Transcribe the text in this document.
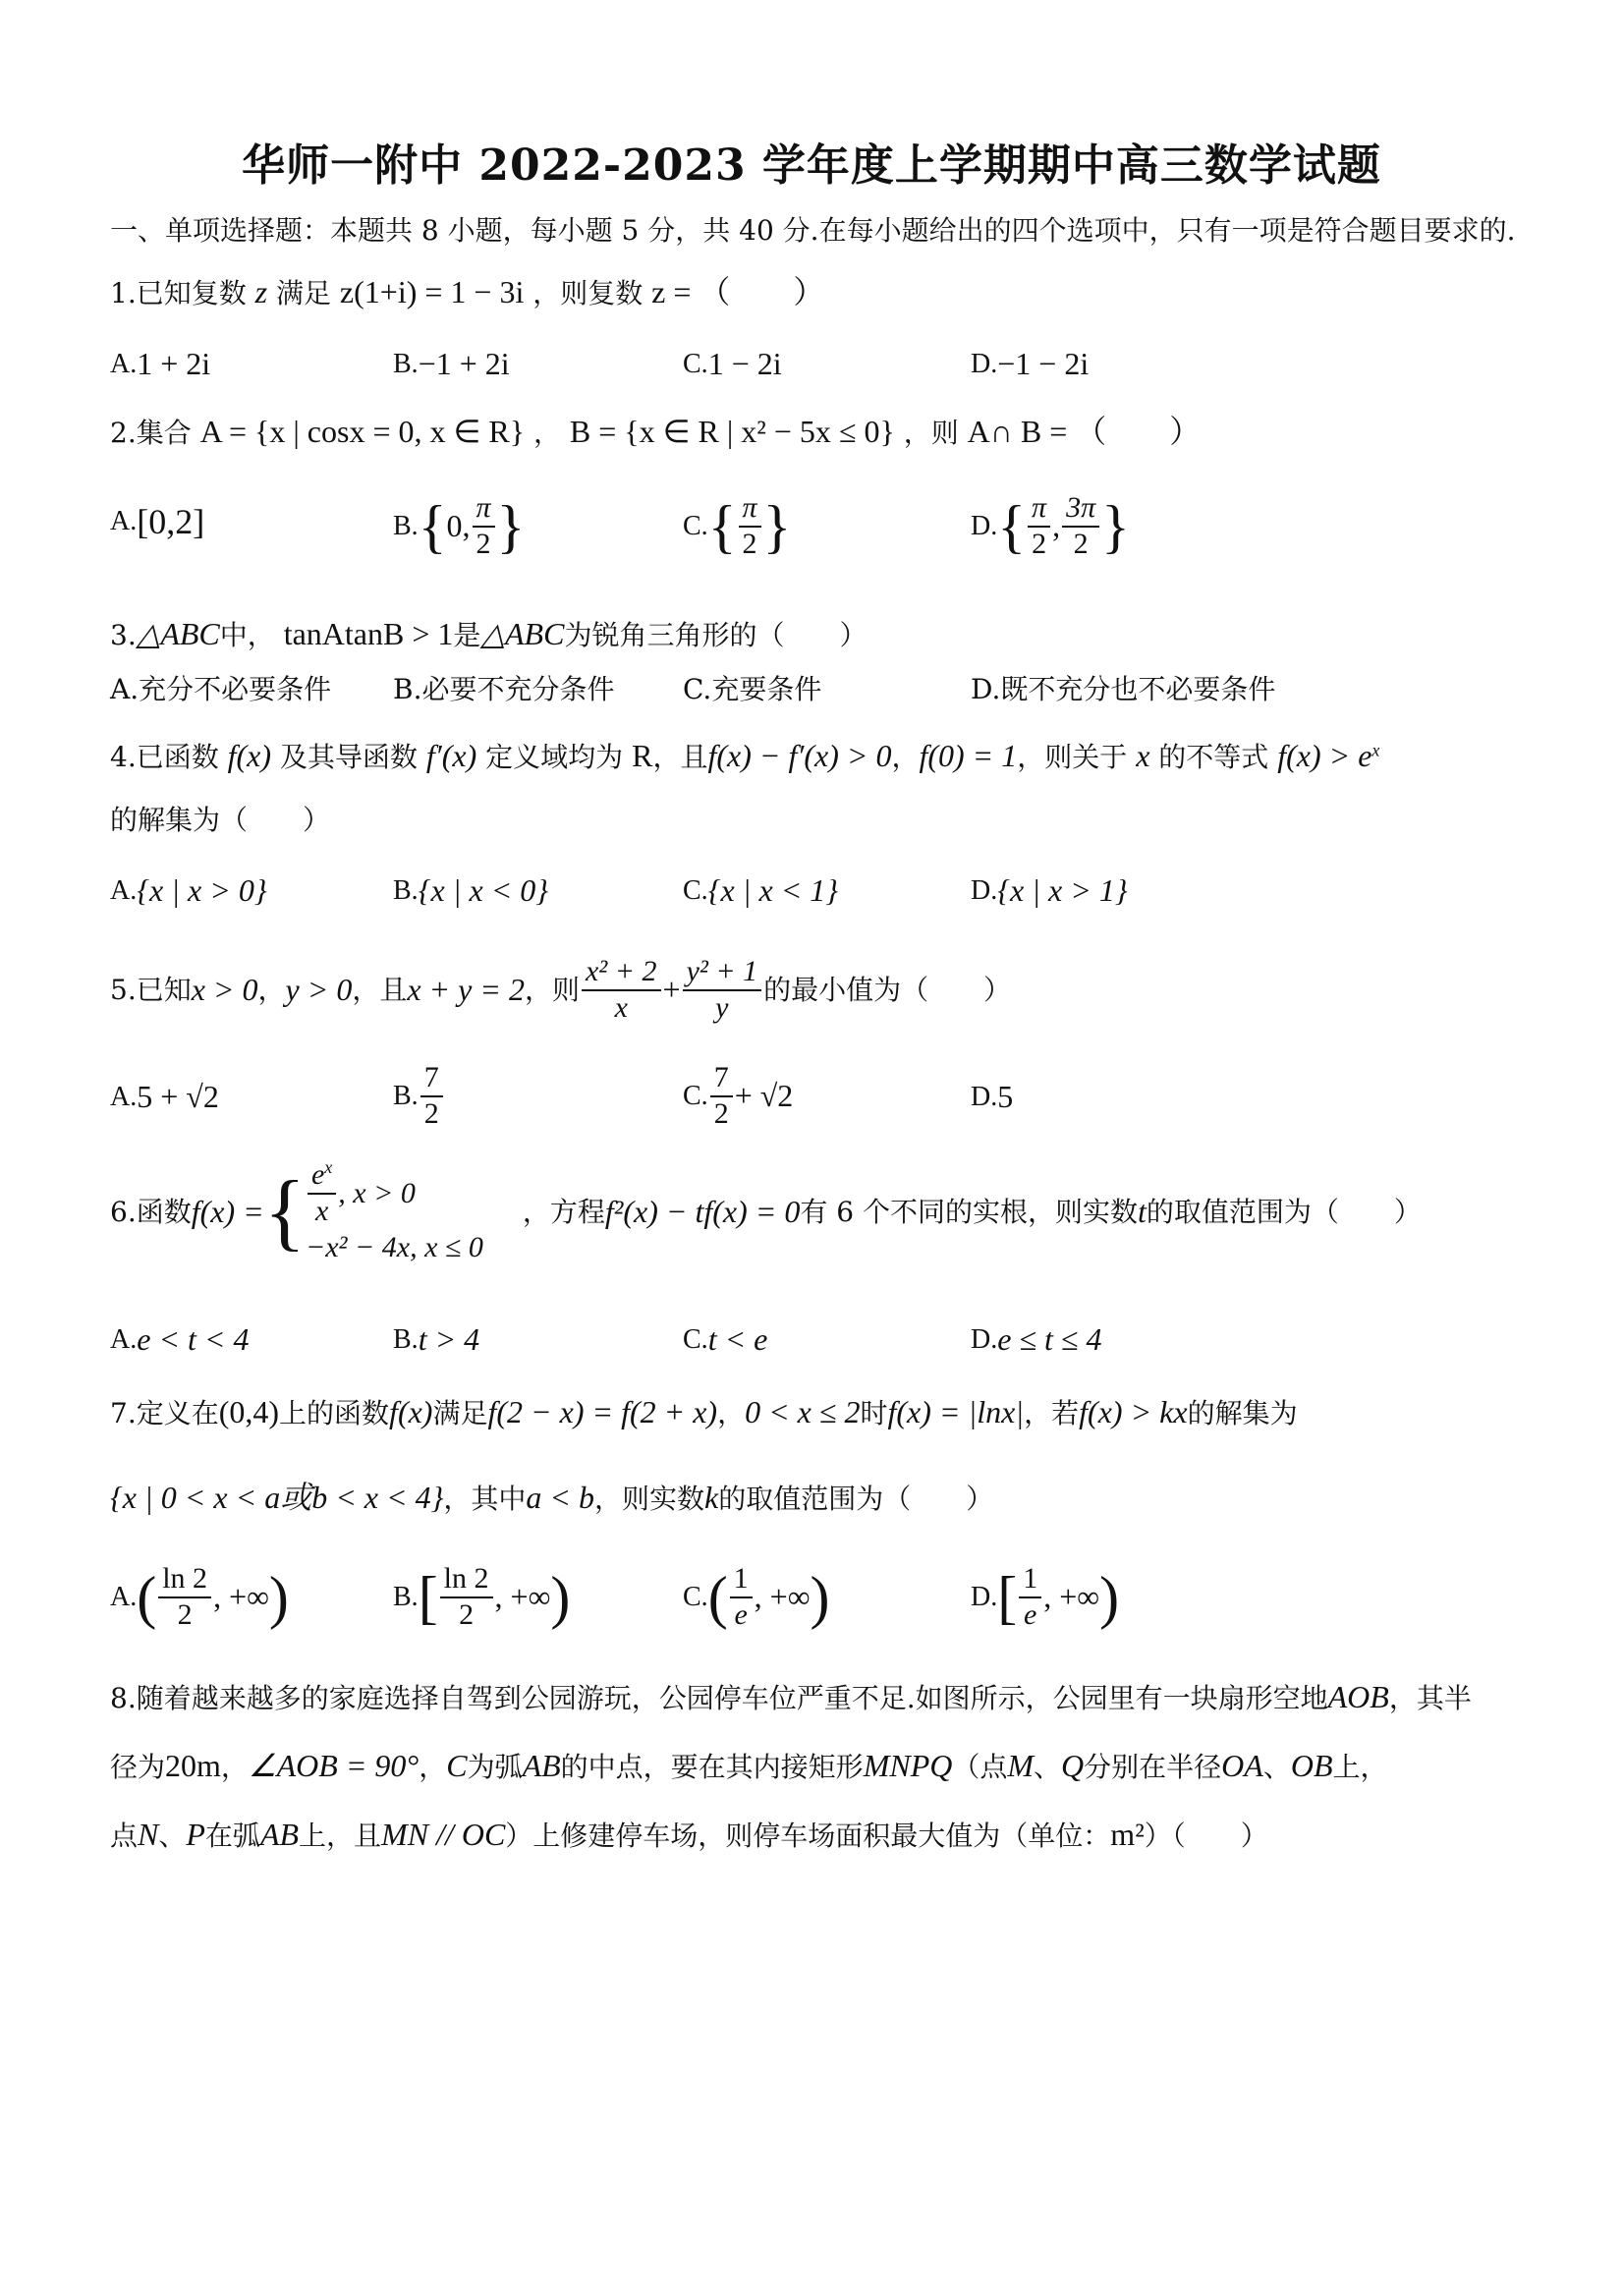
华师一附中 2022-2023 学年度上学期期中高三数学试题
一、单项选择题：本题共 8 小题，每小题 5 分，共 40 分.在每小题给出的四个选项中，只有一项是符合题目要求的.
1.已知复数 z 满足 z(1+i) = 1 − 3i ，则复数 z = （　　）
A. 1 + 2i	B. −1 + 2i	C. 1 − 2i	D. −1 − 2i
2.集合 A = {x | cosx = 0, x ∈ R} ， B = {x ∈ R | x² − 5x ≤ 0} ，则 A∩ B = （　　）
A. [0,2]	B. { 0, $\frac{\pi}{2}$ }	C. { $\frac{\pi}{2}$ }	D. { $\frac{\pi}{2}$ , $\frac{3\pi}{2}$ }
3.△ABC中， tanAtanB > 1是△ABC为锐角三角形的（　　）
A.充分不必要条件 B.必要不充分条件 C.充要条件	D.既不充分也不必要条件
4.已函数 f(x) 及其导函数 f′(x) 定义域均为 R，且f(x) − f′(x) > 0，f(0) = 1，则关于 x 的不等式 $f(x) > e^x$
的解集为（　　）
A. {x | x > 0}	B. {x | x < 0}	C. {x | x < 1}	D. {x | x > 1}
5.已知 x > 0 ， y > 0 ，且 x + y = 2 ，则 $\frac{\text{x² + 2}}{x} + \frac{\text{y² + 1}}{y}$ 的最小值为（　　）
A. 5 + √2	B. $\frac{7}{2}$	C. $\frac{7}{2} + √2$	D. 5
6.函数 f(x) = { $\frac{e^x}{x}$ , x > 0
−x² − 4x, x ≤ 0
，方程 f²(x) − tf(x) = 0 有 6 个不同的实根，则实数 t 的取值范围为（　　）
A. e < t < 4	B. t > 4	C. t < e	D. e ≤ t ≤ 4
7.定义在(0,4)上的函数f(x)满足f(2 − x) = f(2 + x)，0 < x ≤ 2时f(x) = |lnx|，若f(x) > kx的解集为
{x | 0 < x < a或b < x < 4}，其中a < b，则实数k的取值范围为（　　）
A. ( $\frac{\ln 2}{2}$ , +∞ )	B. [ $\frac{\ln 2}{2}$ , +∞ )	C. ( $\frac{1}{e}$ , +∞ )	D. [ $\frac{1}{e}$ , +∞ )
8.随着越来越多的家庭选择自驾到公园游玩，公园停车位严重不足.如图所示，公园里有一块扇形空地AOB，其半
径为20m，∠AOB = 90°，C为弧AB的中点，要在其内接矩形MNPQ（点M、Q分别在半径OA、OB上，
点N、P在弧AB上，且MN // OC）上修建停车场，则停车场面积最大值为（单位：m²）（　　）
